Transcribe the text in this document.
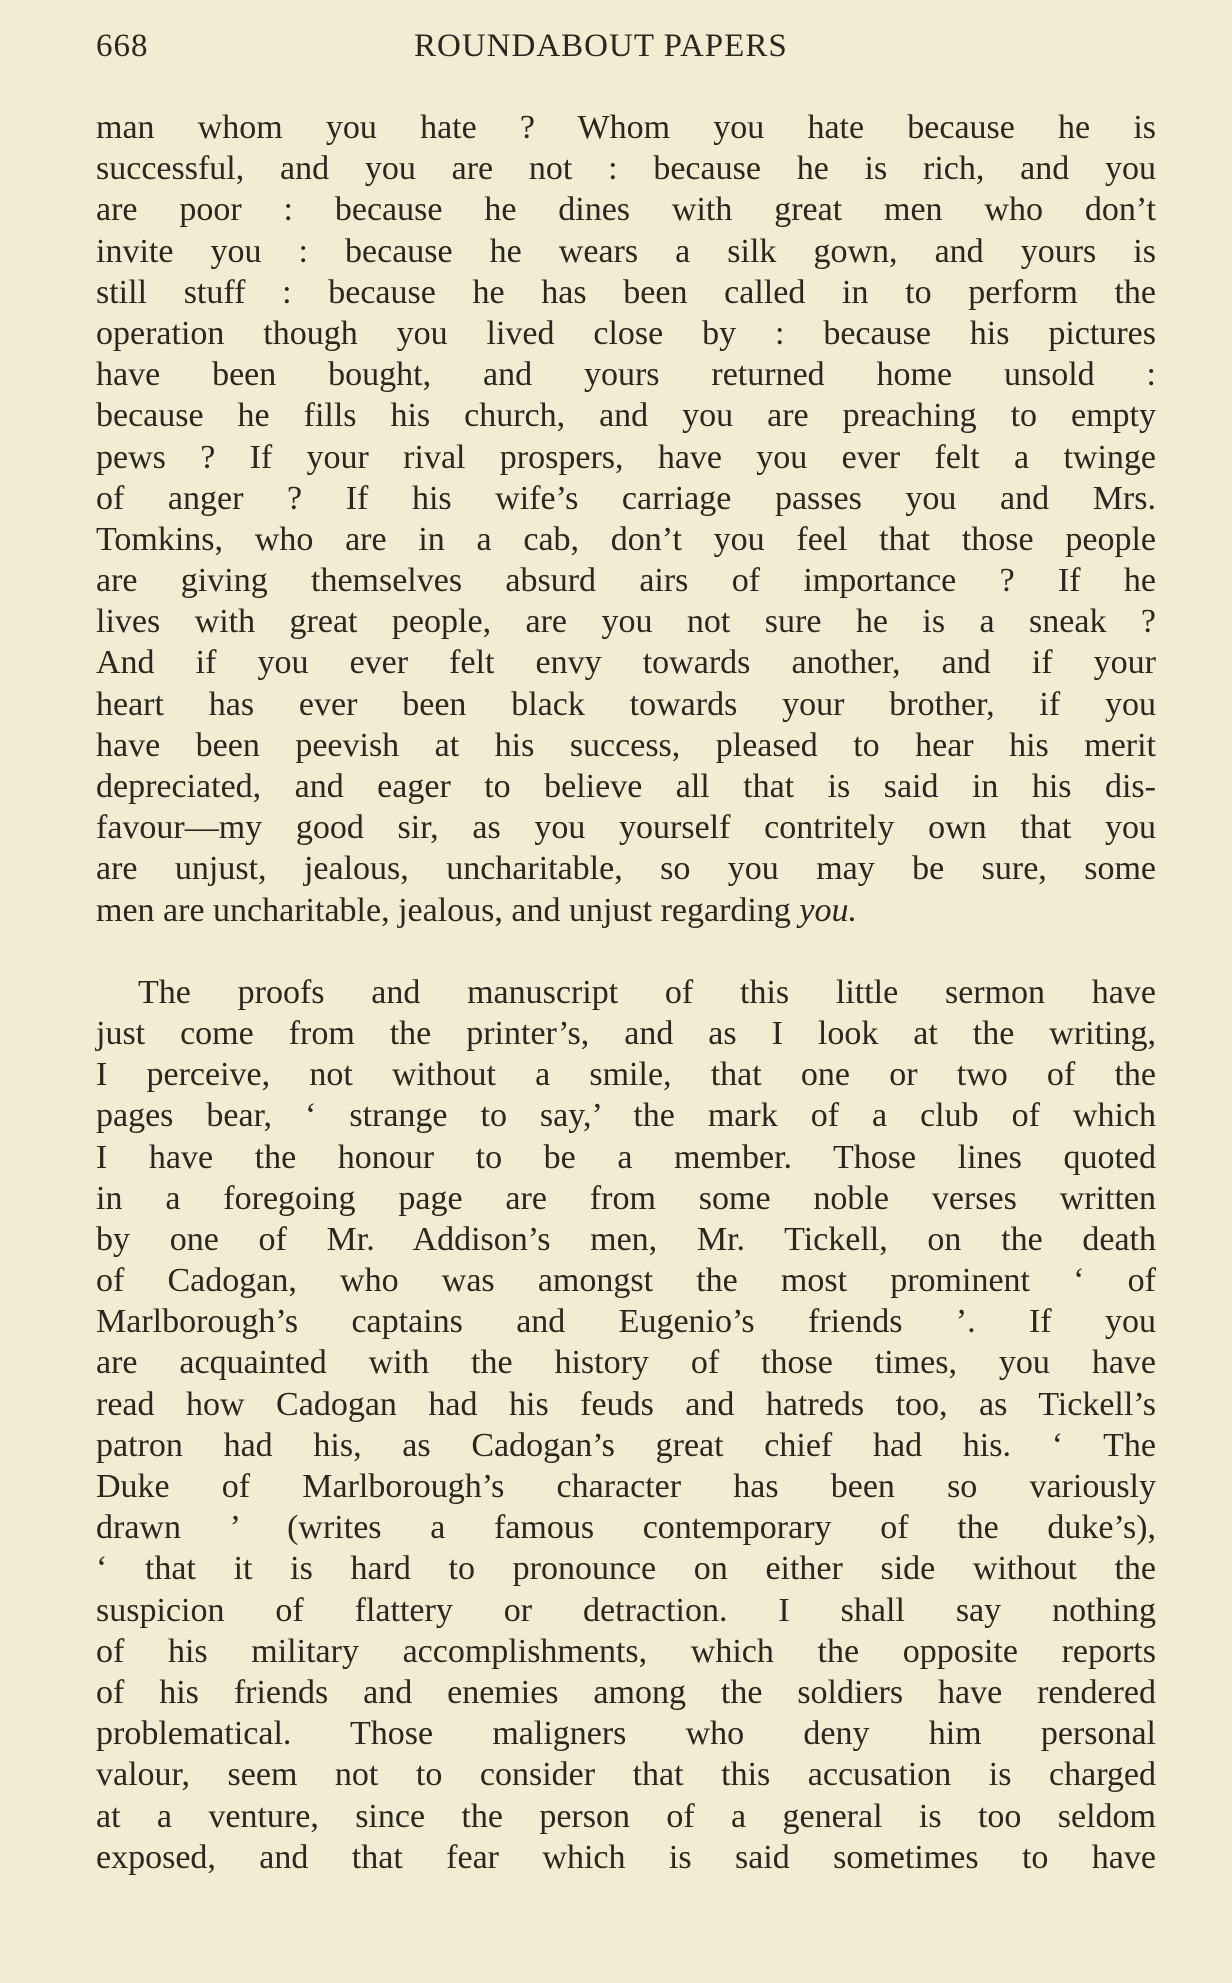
668	ROUNDABOUT PAPERS
man whom you hate ? Whom you hate because he is
successful, and you are not : because he is rich, and you
are poor : because he dines with great men who don’t
invite you : because he wears a silk gown, and yours is
still stuff : because he has been called in to perform the
operation though you lived close by : because his pictures
have been bought, and yours returned home unsold :
because he fills his church, and you are preaching to empty
pews ? If your rival prospers, have you ever felt a twinge
of anger ? If his wife’s carriage passes you and Mrs.
Tomkins, who are in a cab, don’t you feel that those people
are giving themselves absurd airs of importance ? If he
lives with great people, are you not sure he is a sneak ?
And if you ever felt envy towards another, and if your
heart has ever been black towards your brother, if you
have been peevish at his success, pleased to hear his merit
depreciated, and eager to believe all that is said in his dis-
favour—my good sir, as you yourself contritely own that you
are unjust, jealous, uncharitable, so you may be sure, some
men are uncharitable, jealous, and unjust regarding you.
The proofs and manuscript of this little sermon have
just come from the printer’s, and as I look at the writing,
I perceive, not without a smile, that one or two of the
pages bear, ‘ strange to say,’ the mark of a club of which
I have the honour to be a member. Those lines quoted
in a foregoing page are from some noble verses written
by one of Mr. Addison’s men, Mr. Tickell, on the death
of Cadogan, who was amongst the most prominent ‘ of
Marlborough’s captains and Eugenio’s friends ’. If you
are acquainted with the history of those times, you have
read how Cadogan had his feuds and hatreds too, as Tickell’s
patron had his, as Cadogan’s great chief had his. ‘ The
Duke of Marlborough’s character has been so variously
drawn ’ (writes a famous contemporary of the duke’s),
‘ that it is hard to pronounce on either side without the
suspicion of flattery or detraction. I shall say nothing
of his military accomplishments, which the opposite reports
of his friends and enemies among the soldiers have rendered
problematical. Those maligners who deny him personal
valour, seem not to consider that this accusation is charged
at a venture, since the person of a general is too seldom
exposed, and that fear which is said sometimes to have
